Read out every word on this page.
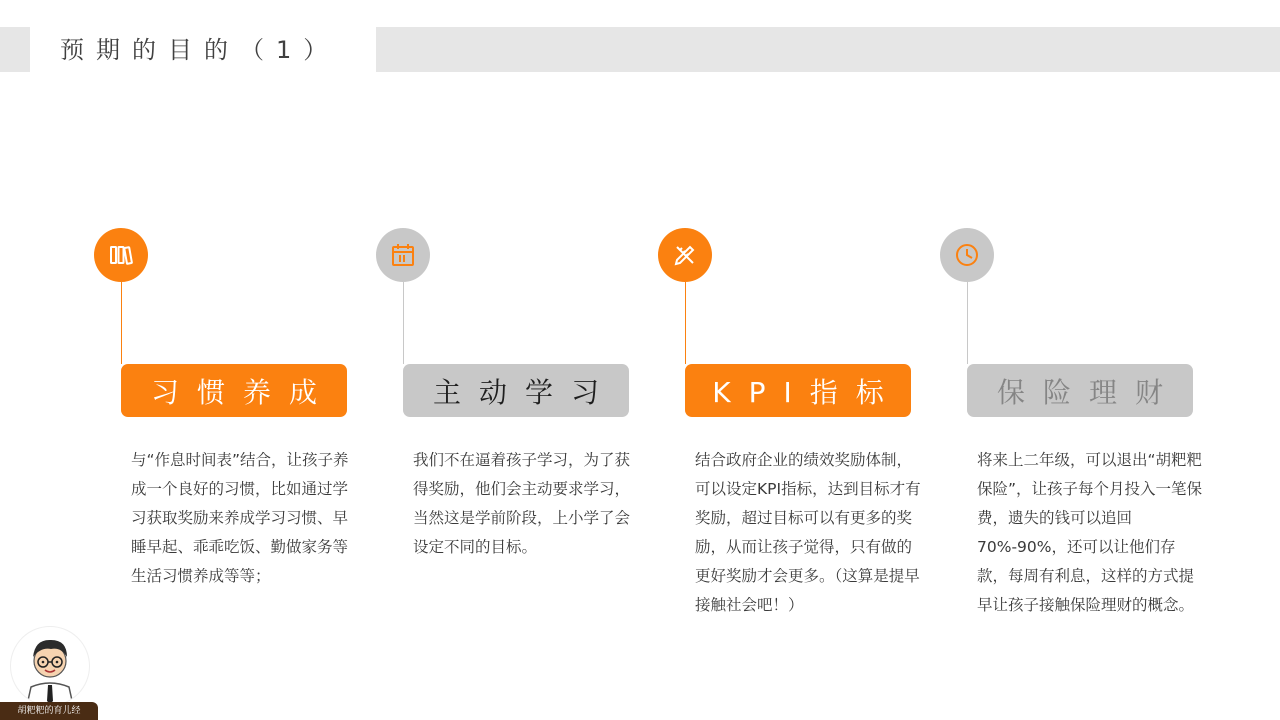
预期的目的（1）
习惯养成

与“作息时间表”结合，让孩子养成一个良好的习惯，比如通过学习获取奖励来养成学习习惯、早睡早起、乖乖吃饭、勤做家务等生活习惯养成等等；

主动学习

我们不在逼着孩子学习，为了获得奖励，他们会主动要求学习，当然这是学前阶段，上小学了会设定不同的目标。

KPI指标

结合政府企业的绩效奖励体制，可以设定KPI指标，达到目标才有奖励，超过目标可以有更多的奖励，从而让孩子觉得，只有做的更好奖励才会更多。（这算是提早接触社会吧！）

保险理财

将来上二年级，可以退出“胡粑粑保险”，让孩子每个月投入一笔保费，遗失的钱可以追回70%-90%，还可以让他们存款，每周有利息，这样的方式提早让孩子接触保险理财的概念。

胡粑粑的育儿经
